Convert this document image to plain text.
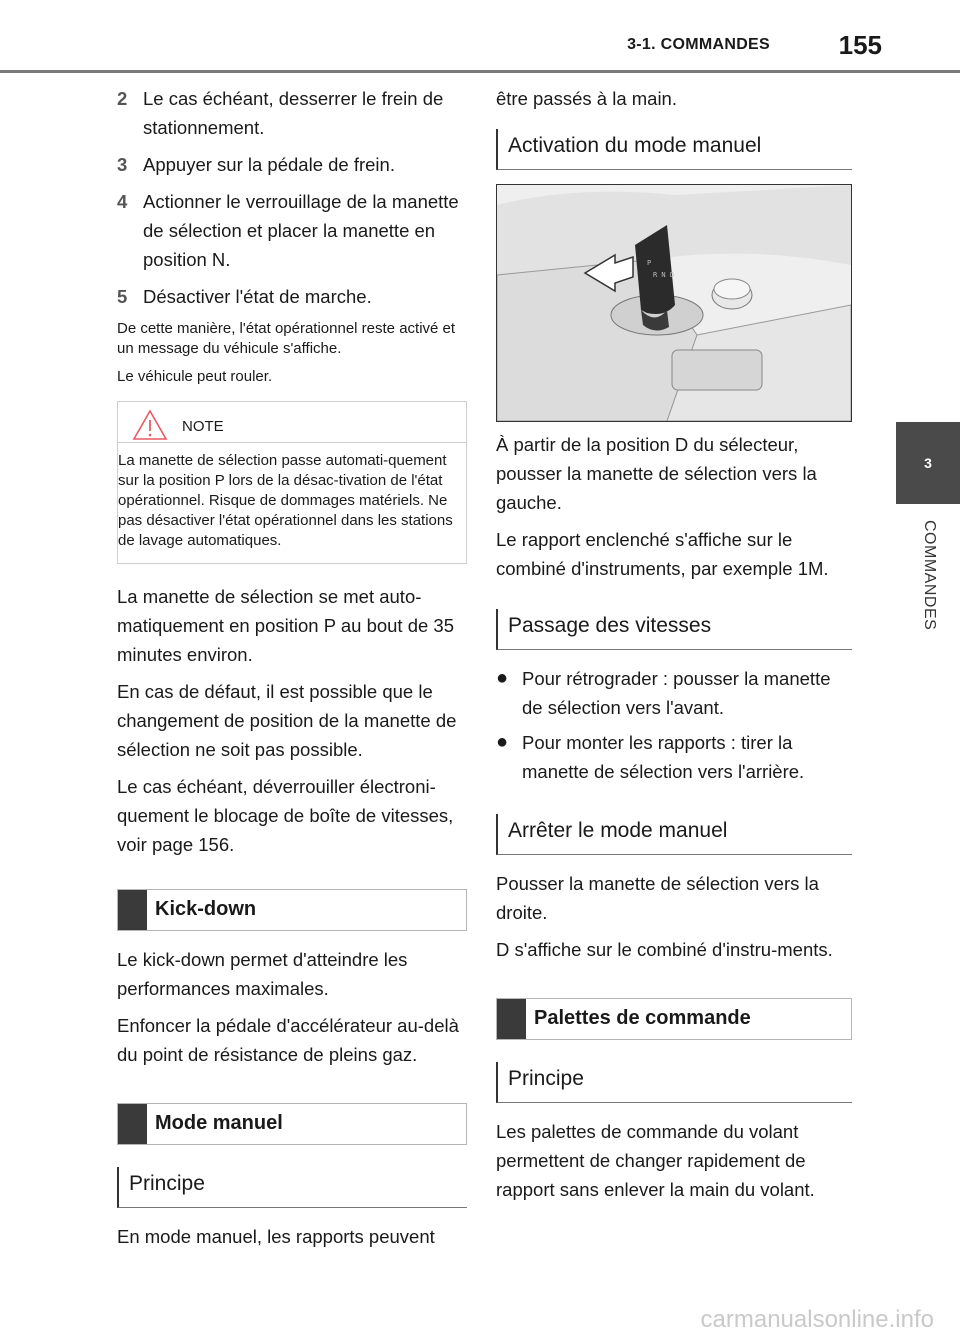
3-1. COMMANDES	155
3
COMMANDES
2 Le cas échéant, desserrer le frein de stationnement.
3 Appuyer sur la pédale de frein.
4 Actionner le verrouillage de la manette de sélection et placer la manette en position N.
5 Désactiver l'état de marche.

De cette manière, l'état opérationnel reste activé et un message du véhicule s'affiche.

Le véhicule peut rouler.

NOTE
La manette de sélection passe automati-quement sur la position P lors de la désac-tivation de l'état opérationnel. Risque de dommages matériels. Ne pas désactiver l'état opérationnel dans les stations de lavage automatiques.

La manette de sélection se met auto-matiquement en position P au bout de 35 minutes environ.

En cas de défaut, il est possible que le changement de position de la manette de sélection ne soit pas possible.

Le cas échéant, déverrouiller électroni-quement le blocage de boîte de vitesses, voir page 156.

Kick-down

Le kick-down permet d'atteindre les performances maximales.

Enfoncer la pédale d'accélérateur au-delà du point de résistance de pleins gaz.

Mode manuel
Principe

En mode manuel, les rapports peuvent

être passés à la main.

Activation du mode manuel
P
R N D

À partir de la position D du sélecteur, pousser la manette de sélection vers la gauche.

Le rapport enclenché s'affiche sur le combiné d'instruments, par exemple 1M.

Passage des vitesses
● Pour rétrograder : pousser la manette de sélection vers l'avant.
● Pour monter les rapports : tirer la manette de sélection vers l'arrière.
Arrêter le mode manuel

Pousser la manette de sélection vers la droite.

D s'affiche sur le combiné d'instru-ments.

Palettes de commande
Principe

Les palettes de commande du volant permettent de changer rapidement de rapport sans enlever la main du volant.

carmanualsonline.info
